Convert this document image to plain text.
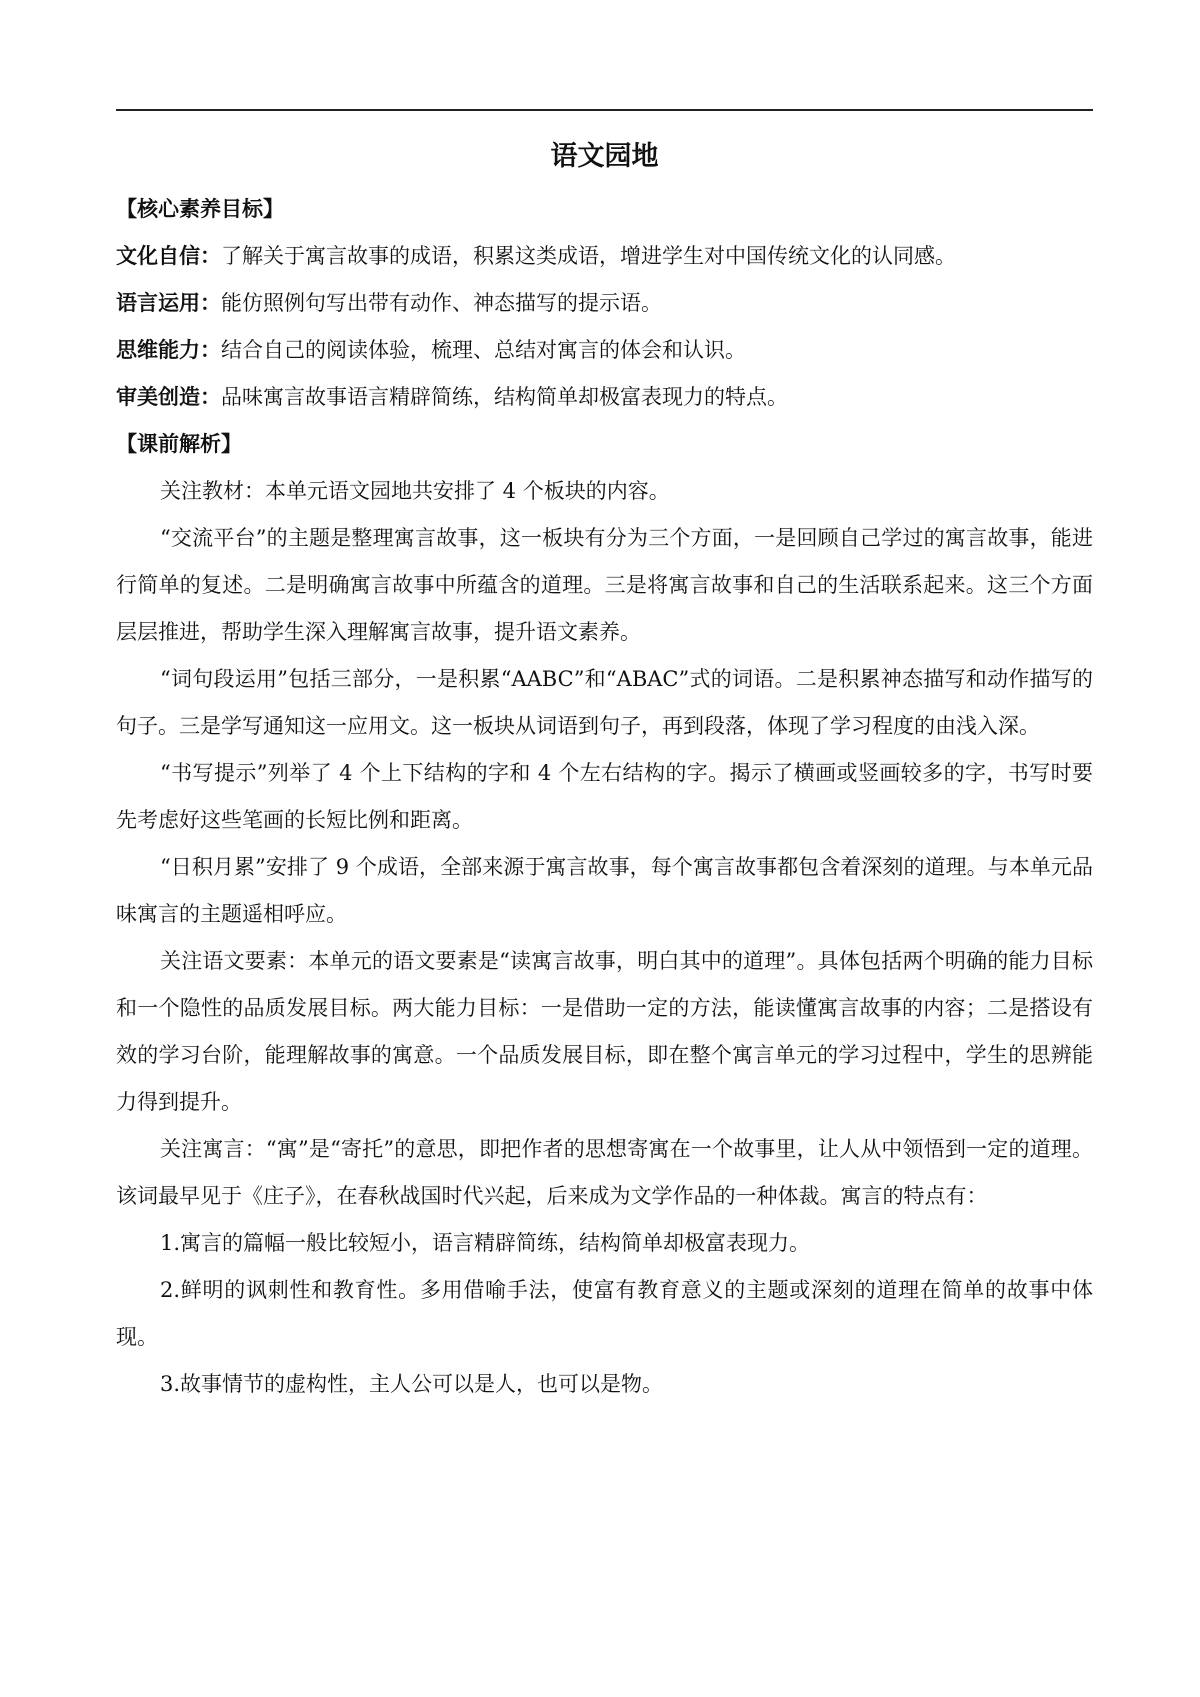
语文园地

【核心素养目标】

文化自信：了解关于寓言故事的成语，积累这类成语，增进学生对中国传统文化的认同感。

语言运用：能仿照例句写出带有动作、神态描写的提示语。

思维能力：结合自己的阅读体验，梳理、总结对寓言的体会和认识。

审美创造：品味寓言故事语言精辟简练，结构简单却极富表现力的特点。

【课前解析】

关注教材：本单元语文园地共安排了 4 个板块的内容。

“交流平台”的主题是整理寓言故事，这一板块有分为三个方面，一是回顾自己学过的寓言故事，能进行简单的复述。二是明确寓言故事中所蕴含的道理。三是将寓言故事和自己的生活联系起来。这三个方面层层推进，帮助学生深入理解寓言故事，提升语文素养。

“词句段运用”包括三部分，一是积累“AABC”和“ABAC”式的词语。二是积累神态描写和动作描写的句子。三是学写通知这一应用文。这一板块从词语到句子，再到段落，体现了学习程度的由浅入深。

“书写提示”列举了 4 个上下结构的字和 4 个左右结构的字。揭示了横画或竖画较多的字，书写时要先考虑好这些笔画的长短比例和距离。

“日积月累”安排了 9 个成语，全部来源于寓言故事，每个寓言故事都包含着深刻的道理。与本单元品味寓言的主题遥相呼应。

关注语文要素：本单元的语文要素是“读寓言故事，明白其中的道理”。具体包括两个明确的能力目标和一个隐性的品质发展目标。两大能力目标：一是借助一定的方法，能读懂寓言故事的内容；二是搭设有效的学习台阶，能理解故事的寓意。一个品质发展目标，即在整个寓言单元的学习过程中，学生的思辨能力得到提升。

关注寓言：“寓”是“寄托”的意思，即把作者的思想寄寓在一个故事里，让人从中领悟到一定的道理。该词最早见于《庄子》，在春秋战国时代兴起，后来成为文学作品的一种体裁。寓言的特点有：

1.寓言的篇幅一般比较短小，语言精辟简练，结构简单却极富表现力。

2.鲜明的讽刺性和教育性。多用借喻手法，使富有教育意义的主题或深刻的道理在简单的故事中体现。

3.故事情节的虚构性，主人公可以是人，也可以是物。
